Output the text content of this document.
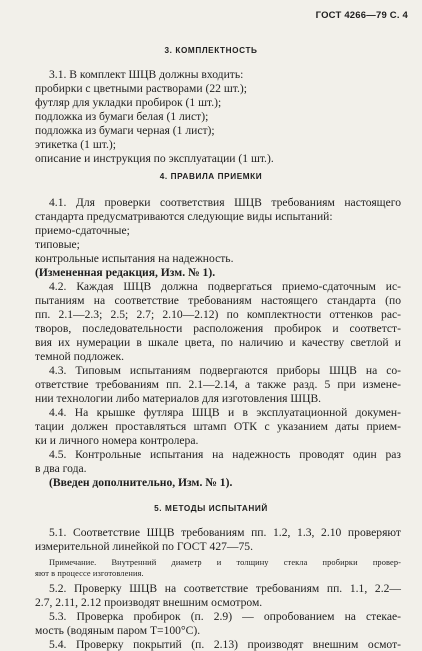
ГОСТ 4266—79 С. 4
3. КОМПЛЕКТНОСТЬ
3.1. В комплект ШЦВ должны входить:
пробирки с цветными растворами (22 шт.);
футляр для укладки пробирок (1 шт.);
подложка из бумаги белая (1 лист);
подложка из бумаги черная (1 лист);
этикетка (1 шт.);
описание и инструкция по эксплуатации (1 шт.).
4. ПРАВИЛА ПРИЕМКИ
4.1. Для проверки соответствия ШЦВ требованиям настоящего
стандарта предусматриваются следующие виды испытаний:
приемо-сдаточные;
типовые;
контрольные испытания на надежность.
(Измененная редакция, Изм. № 1).
4.2. Каждая ШЦВ должна подвергаться приемо-сдаточным ис-
пытаниям на соответствие требованиям настоящего стандарта (по
пп. 2.1—2.3; 2.5; 2.7; 2.10—2.12) по комплектности оттенков рас-
творов, последовательности расположения пробирок и соответст-
вия их нумерации в шкале цвета, по наличию и качеству светлой и
темной подложек.
4.3. Типовым испытаниям подвергаются приборы ШЦВ на со-
ответствие требованиям пп. 2.1—2.14, а также разд. 5 при измене-
нии технологии либо материалов для изготовления ШЦВ.
4.4. На крышке футляра ШЦВ и в эксплуатационной докумен-
тации должен проставляться штамп ОТК с указанием даты прием-
ки и личного номера контролера.
4.5. Контрольные испытания на надежность проводят один раз
в два года.
(Введен дополнительно, Изм. № 1).
5. МЕТОДЫ ИСПЫТАНИЙ
5.1. Соответствие ШЦВ требованиям пп. 1.2, 1.3, 2.10 проверяют
измерительной линейкой по ГОСТ 427—75.
Примечание. Внутренний диаметр и толщину стекла пробирки провер-
яют в процессе изготовления.
5.2. Проверку ШЦВ на соответствие требованиям пп. 1.1, 2.2—
2.7, 2.11, 2.12 производят внешним осмотром.
5.3. Проверка пробирок (п. 2.9) — опробованием на стекае-
мость (водяным паром Т=100°С).
5.4. Проверку покрытий (п. 2.13) производят внешним осмот-
